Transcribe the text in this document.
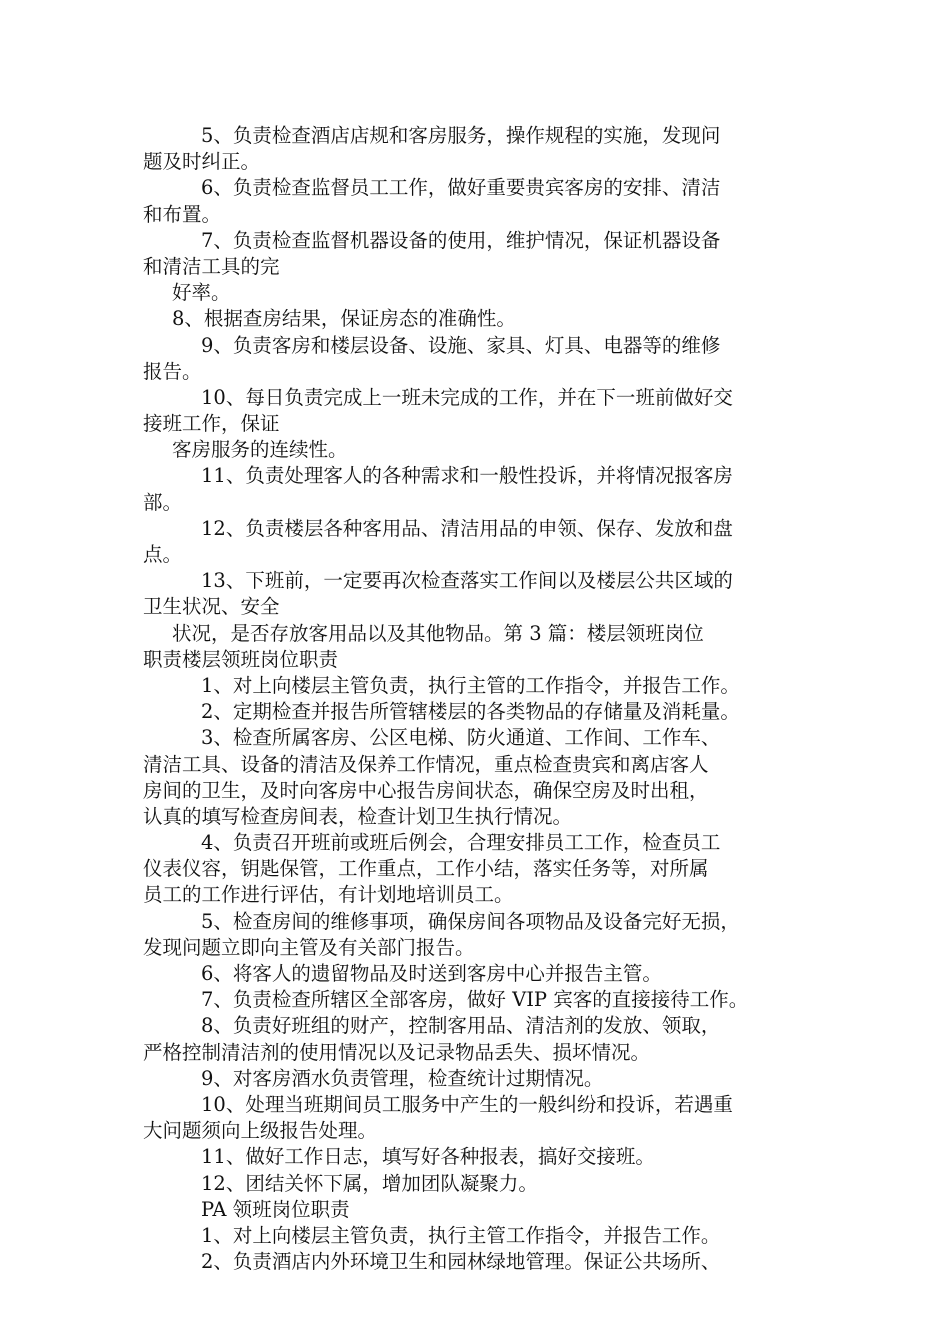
5、负责检查酒店店规和客房服务，操作规程的实施，发现问
题及时纠正。
6、负责检查监督员工工作，做好重要贵宾客房的安排、清洁
和布置。
7、负责检查监督机器设备的使用，维护情况，保证机器设备
和清洁工具的完
好率。
8、根据查房结果，保证房态的准确性。
9、负责客房和楼层设备、设施、家具、灯具、电器等的维修
报告。
10、每日负责完成上一班未完成的工作，并在下一班前做好交
接班工作，保证
客房服务的连续性。
11、负责处理客人的各种需求和一般性投诉，并将情况报客房
部。
12、负责楼层各种客用品、清洁用品的申领、保存、发放和盘
点。
13、下班前，一定要再次检查落实工作间以及楼层公共区域的
卫生状况、安全
状况，是否存放客用品以及其他物品。第 3 篇：楼层领班岗位
职责楼层领班岗位职责
1、对上向楼层主管负责，执行主管的工作指令，并报告工作。
2、定期检查并报告所管辖楼层的各类物品的存储量及消耗量。
3、检查所属客房、公区电梯、防火通道、工作间、工作车、
清洁工具、设备的清洁及保养工作情况，重点检查贵宾和离店客人
房间的卫生，及时向客房中心报告房间状态，确保空房及时出租，
认真的填写检查房间表，检查计划卫生执行情况。
4、负责召开班前或班后例会，合理安排员工工作，检查员工
仪表仪容，钥匙保管，工作重点，工作小结，落实任务等，对所属
员工的工作进行评估，有计划地培训员工。
5、检查房间的维修事项，确保房间各项物品及设备完好无损，
发现问题立即向主管及有关部门报告。
6、将客人的遗留物品及时送到客房中心并报告主管。
7、负责检查所辖区全部客房，做好 VIP 宾客的直接接待工作。
8、负责好班组的财产，控制客用品、清洁剂的发放、领取，
严格控制清洁剂的使用情况以及记录物品丢失、损坏情况。
9、对客房酒水负责管理，检查统计过期情况。
10、处理当班期间员工服务中产生的一般纠纷和投诉，若遇重
大问题须向上级报告处理。
11、做好工作日志，填写好各种报表，搞好交接班。
12、团结关怀下属，增加团队凝聚力。
PA 领班岗位职责
1、对上向楼层主管负责，执行主管工作指令，并报告工作。
2、负责酒店内外环境卫生和园林绿地管理。保证公共场所、
